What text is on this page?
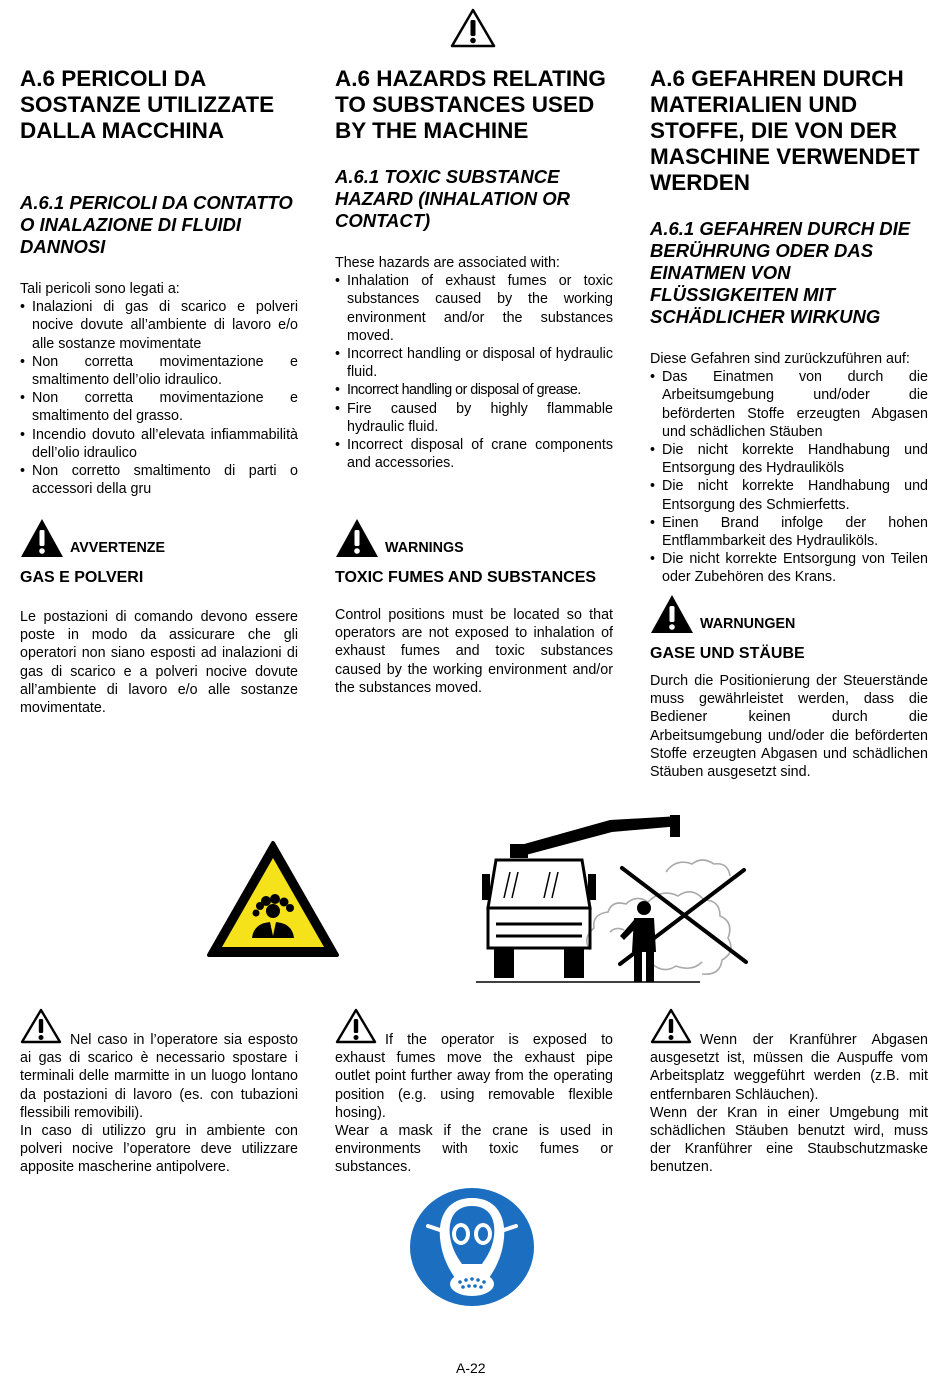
A.6 PERICOLI DA SOSTANZE UTILIZZATE DALLA MACCHINA
A.6.1 PERICOLI DA CONTATTO O INALAZIONE DI FLUIDI DANNOSI

Tali pericoli sono legati a:

• Inalazioni di gas di scarico e polveri nocive dovute all’ambiente di lavoro e/o alle sostanze movimentate
• Non corretta movimentazione e smaltimento dell’olio idraulico.
• Non corretta movimentazione e smaltimento del grasso.
• Incendio dovuto all’elevata infiammabilità dell’olio idraulico
• Non corretto smaltimento di parti o accessori della gru
AVVERTENZE
GAS E POLVERI

Le postazioni di comando devono essere poste in modo da assicurare che gli operatori non siano esposti ad inalazioni di gas di scarico e a polveri nocive dovute all’ambiente di lavoro e/o alle sostanze movimentate.

A.6 HAZARDS RELATING TO SUBSTANCES USED BY THE MACHINE
A.6.1 TOXIC SUBSTANCE HAZARD (INHALATION OR CONTACT)

These hazards are associated with:

• Inhalation of exhaust fumes or toxic substances caused by the working environment and/or the substances moved.
• Incorrect handling or disposal of hydraulic fluid.
• Incorrect handling or disposal of grease.
• Fire caused by highly flammable hydraulic fluid.
• Incorrect disposal of crane components and accessories.
WARNINGS
TOXIC FUMES AND SUBSTANCES

Control positions must be located so that operators are not exposed to inhalation of exhaust fumes and toxic substances caused by the working environment and/or the substances moved.

A.6 GEFAHREN DURCH MATERIALIEN UND STOFFE, DIE VON DER MASCHINE VERWENDET WERDEN
A.6.1 GEFAHREN DURCH DIE BERÜHRUNG ODER DAS EINATMEN VON FLÜSSIGKEITEN MIT SCHÄDLICHER WIRKUNG

Diese Gefahren sind zurückzuführen auf:

• Das Einatmen von durch die Arbeitsumgebung und/oder die beförderten Stoffe erzeugten Abgasen und schädlichen Stäuben
• Die nicht korrekte Handhabung und Entsorgung des Hydrauliköls
• Die nicht korrekte Handhabung und Entsorgung des Schmierfetts.
• Einen Brand infolge der hohen Entflammbarkeit des Hydrauliköls.
• Die nicht korrekte Entsorgung von Teilen oder Zubehören des Krans.
WARNUNGEN
GASE UND STÄUBE

Durch die Positionierung der Steuerstände muss gewährleistet werden, dass die Bediener keinen durch die Arbeitsumgebung und/oder die beförderten Stoffe erzeugten Abgasen und schädlichen Stäuben ausgesetzt sind.

Nel caso in l’operatore sia esposto ai gas di scarico è necessario spostare i terminali delle marmitte in un luogo lontano da postazioni di lavoro (es. con tubazioni flessibili removibili).
In caso di utilizzo gru in ambiente con polveri nocive l’operatore deve utilizzare apposite mascherine antipolvere.
If the operator is exposed to exhaust fumes move the exhaust pipe outlet point further away from the operating position (e.g. using removable flexible hosing).
Wear a mask if the crane is used in environments with toxic fumes or substances.
Wenn der Kranführer Abgasen ausgesetzt ist, müssen die Auspuffe vom Arbeitsplatz weggeführt werden (z.B. mit entfernbaren Schläuchen).
Wenn der Kran in einer Umgebung mit schädlichen Stäuben benutzt wird, muss der Kranführer eine Staubschutzmaske benutzen.
A-22
